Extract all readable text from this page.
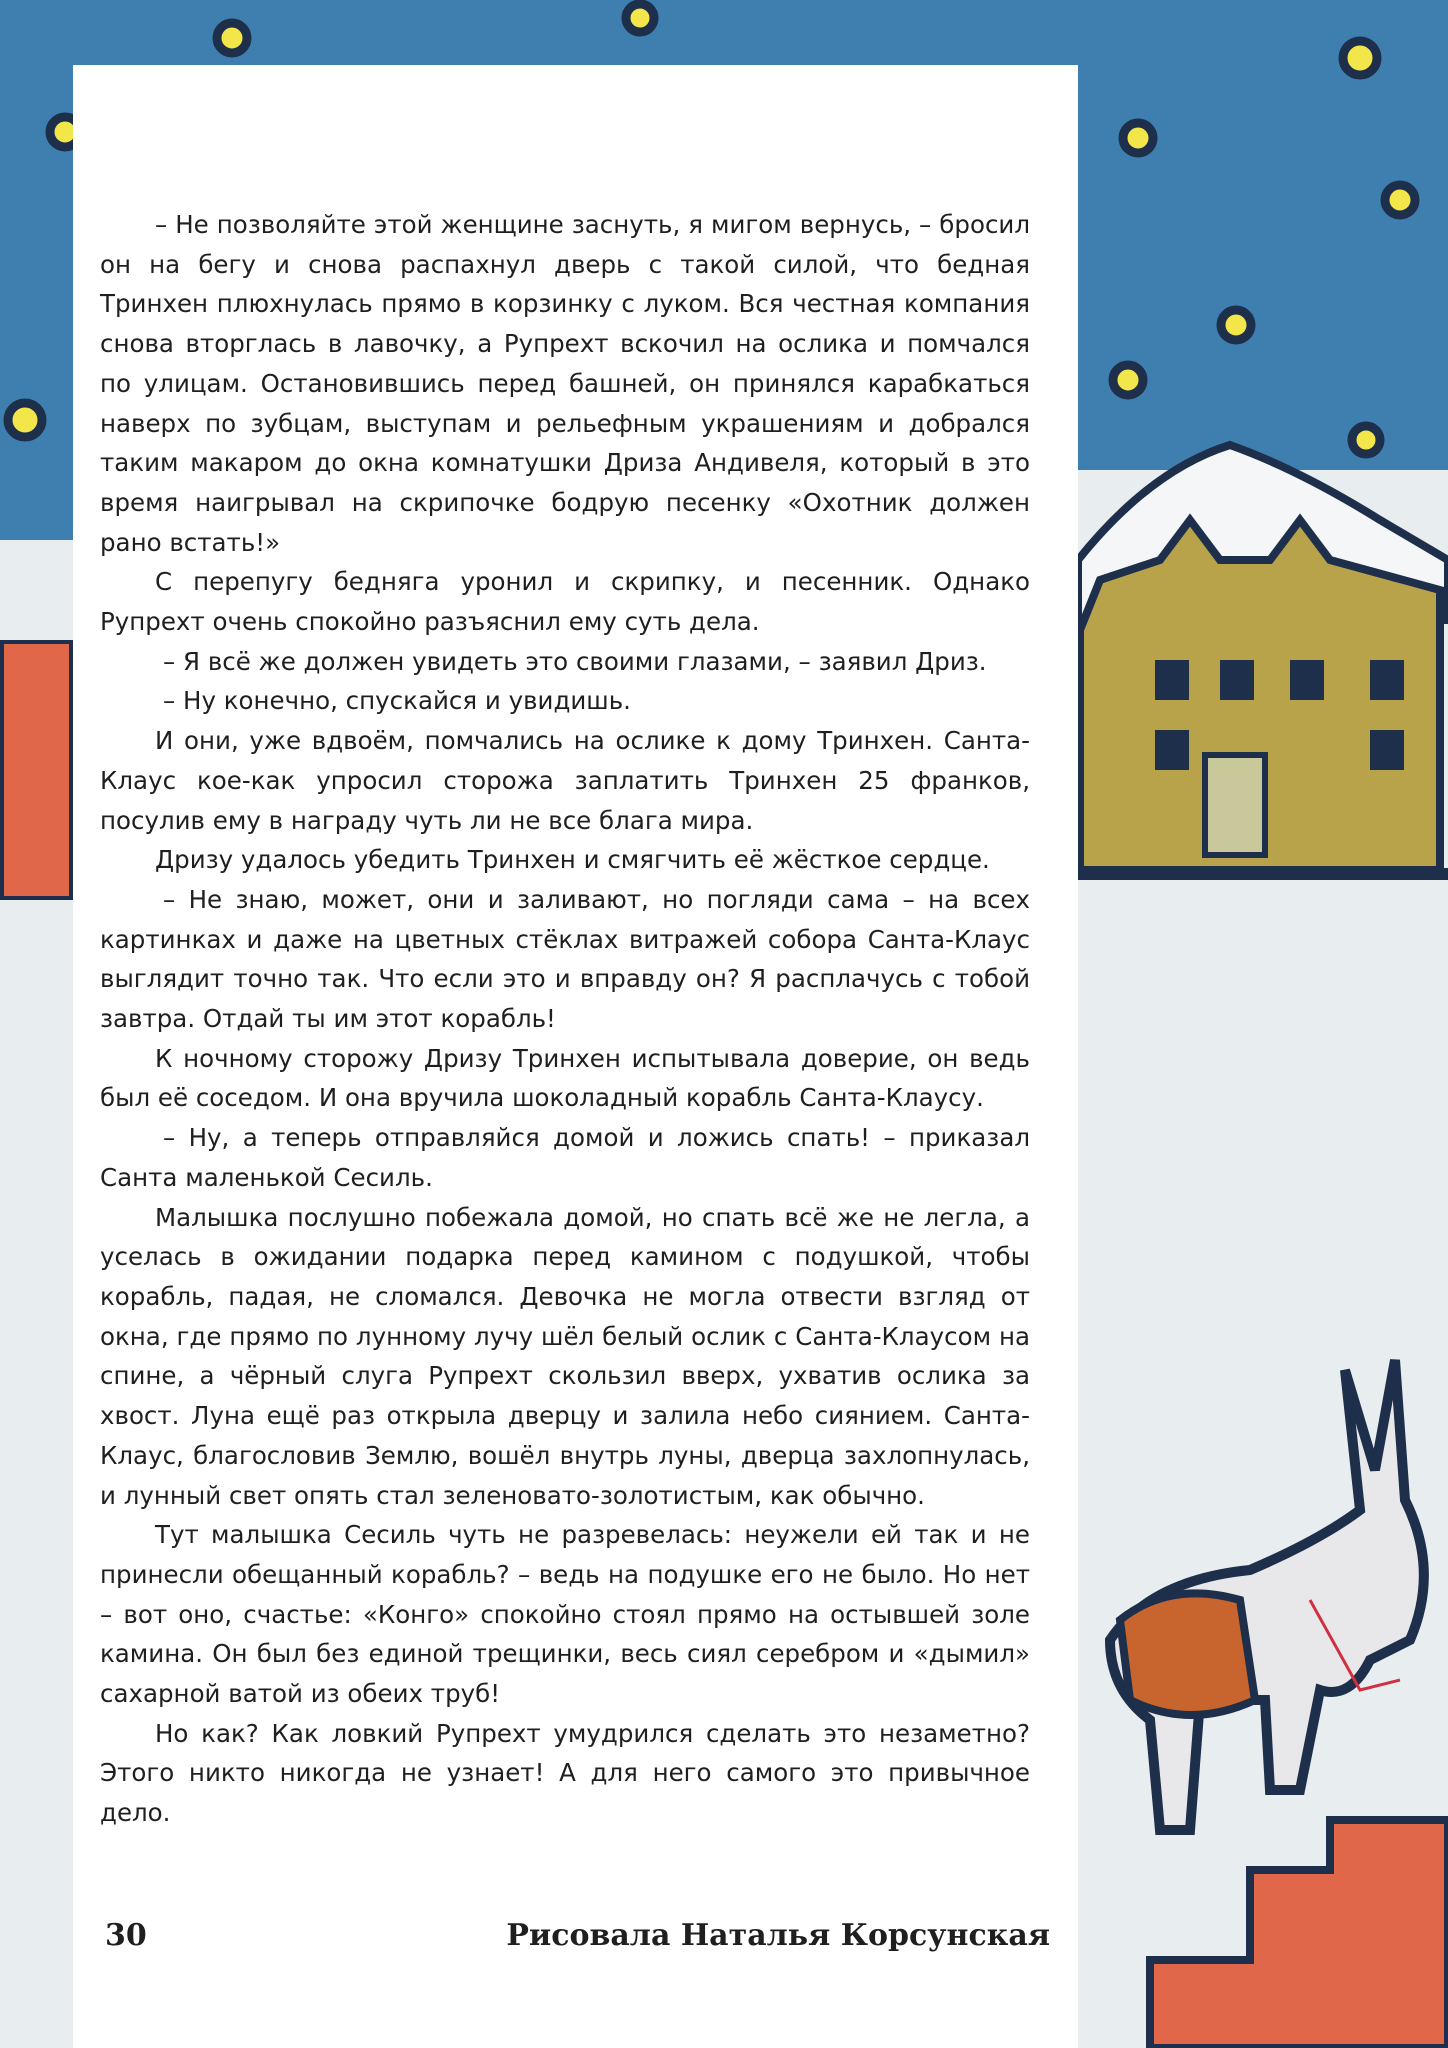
– Не позволяйте этой женщине заснуть, я мигом вернусь, – бросил он на бегу и снова распахнул дверь с такой силой, что бедная Тринхен плюхнулась прямо в корзинку с луком. Вся честная компания снова вторглась в лавочку, а Рупрехт вскочил на ослика и помчался по улицам. Остановившись перед башней, он принялся карабкаться наверх по зубцам, выступам и рельефным украшениям и добрался таким макаром до окна комнатушки Дриза Андивеля, который в это время наигрывал на скрипочке бодрую песенку «Охотник должен рано встать!»

С перепугу бедняга уронил и скрипку, и песенник. Однако Рупрехт очень спокойно разъяснил ему суть дела.

– Я всё же должен увидеть это своими глазами, – заявил Дриз.

– Ну конечно, спускайся и увидишь.

И они, уже вдвоём, помчались на ослике к дому Тринхен. Санта-Клаус кое-как упросил сторожа заплатить Тринхен 25 франков, посулив ему в награду чуть ли не все блага мира.

Дризу удалось убедить Тринхен и смягчить её жёсткое сердце.

– Не знаю, может, они и заливают, но погляди сама – на всех картинках и даже на цветных стёклах витражей собора Санта-Клаус выглядит точно так. Что если это и вправду он? Я расплачусь с тобой завтра. Отдай ты им этот корабль!

К ночному сторожу Дризу Тринхен испытывала доверие, он ведь был её соседом. И она вручила шоколадный корабль Санта-Клаусу.

– Ну, а теперь отправляйся домой и ложись спать! – приказал Санта маленькой Сесиль.

Малышка послушно побежала домой, но спать всё же не легла, а уселась в ожидании подарка перед камином с подушкой, чтобы корабль, падая, не сломался. Девочка не могла отвести взгляд от окна, где прямо по лунному лучу шёл белый ослик с Санта-Клаусом на спине, а чёрный слуга Рупрехт скользил вверх, ухватив ослика за хвост. Луна ещё раз открыла дверцу и залила небо сиянием. Санта-Клаус, благословив Землю, вошёл внутрь луны, дверца захлопнулась, и лунный свет опять стал зеленовато-золотистым, как обычно.

Тут малышка Сесиль чуть не разревелась: неужели ей так и не принесли обещанный корабль? – ведь на подушке его не было. Но нет – вот оно, счастье: «Конго» спокойно стоял прямо на остывшей золе камина. Он был без единой трещинки, весь сиял серебром и «дымил» сахарной ватой из обеих труб!

Но как? Как ловкий Рупрехт умудрился сделать это незаметно? Этого никто никогда не узнает! А для него самого это привычное дело.

30	Рисовала Наталья Корсунская
